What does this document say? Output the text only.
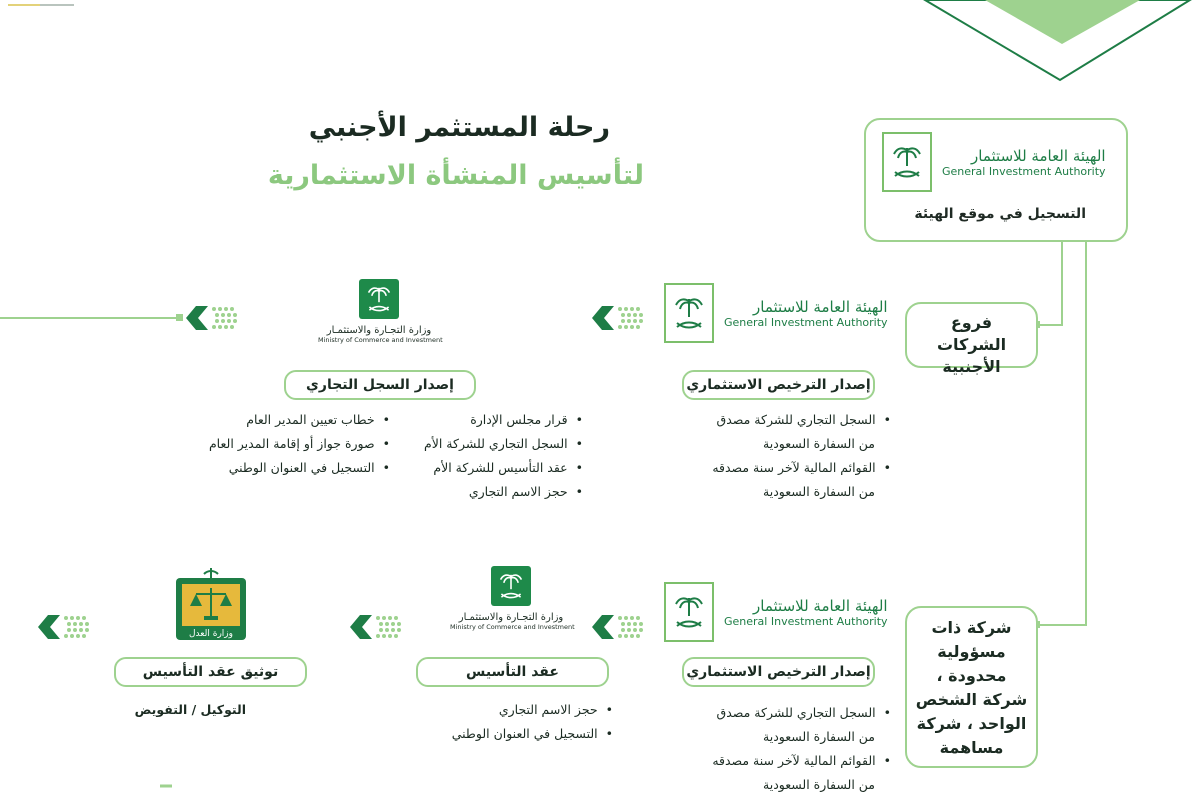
رحلة المستثمر الأجنبي
لتأسيس المنشأة الاستثمارية
الهيئة العامة للاستثمار
General Investment Authority
التسجيل في موقع الهيئة
فروع الشركات الأجنبية
شركة ذات مسؤولية محدودة ، شركة الشخص الواحد ، شركة مساهمة
الهيئة العامة للاستثمار
General Investment Authority
إصدار الترخيص الاستثماري
• السجل التجاري للشركة مصدق
من السفارة السعودية
• القوائم المالية لآخر سنة مصدقه
من السفارة السعودية
وزارة التجـارة والاستثمـار
Ministry of Commerce and Investment
إصدار السجل التجاري
• قرار مجلس الإدارة
• السجل التجاري للشركة الأم
• عقد التأسيس للشركة الأم
• حجز الاسم التجاري
• خطاب تعيين المدير العام
• صورة جواز أو إقامة المدير العام
• التسجيل في العنوان الوطني
الهيئة العامة للاستثمار
General Investment Authority
إصدار الترخيص الاستثماري
• السجل التجاري للشركة مصدق
من السفارة السعودية
• القوائم المالية لآخر سنة مصدقه
من السفارة السعودية
وزارة التجـارة والاستثمـار
Ministry of Commerce and Investment
عقد التأسيس
• حجز الاسم التجاري
• التسجيل في العنوان الوطني
وزارة العدل
توثيق عقد التأسيس
التوكيل / التفويض
